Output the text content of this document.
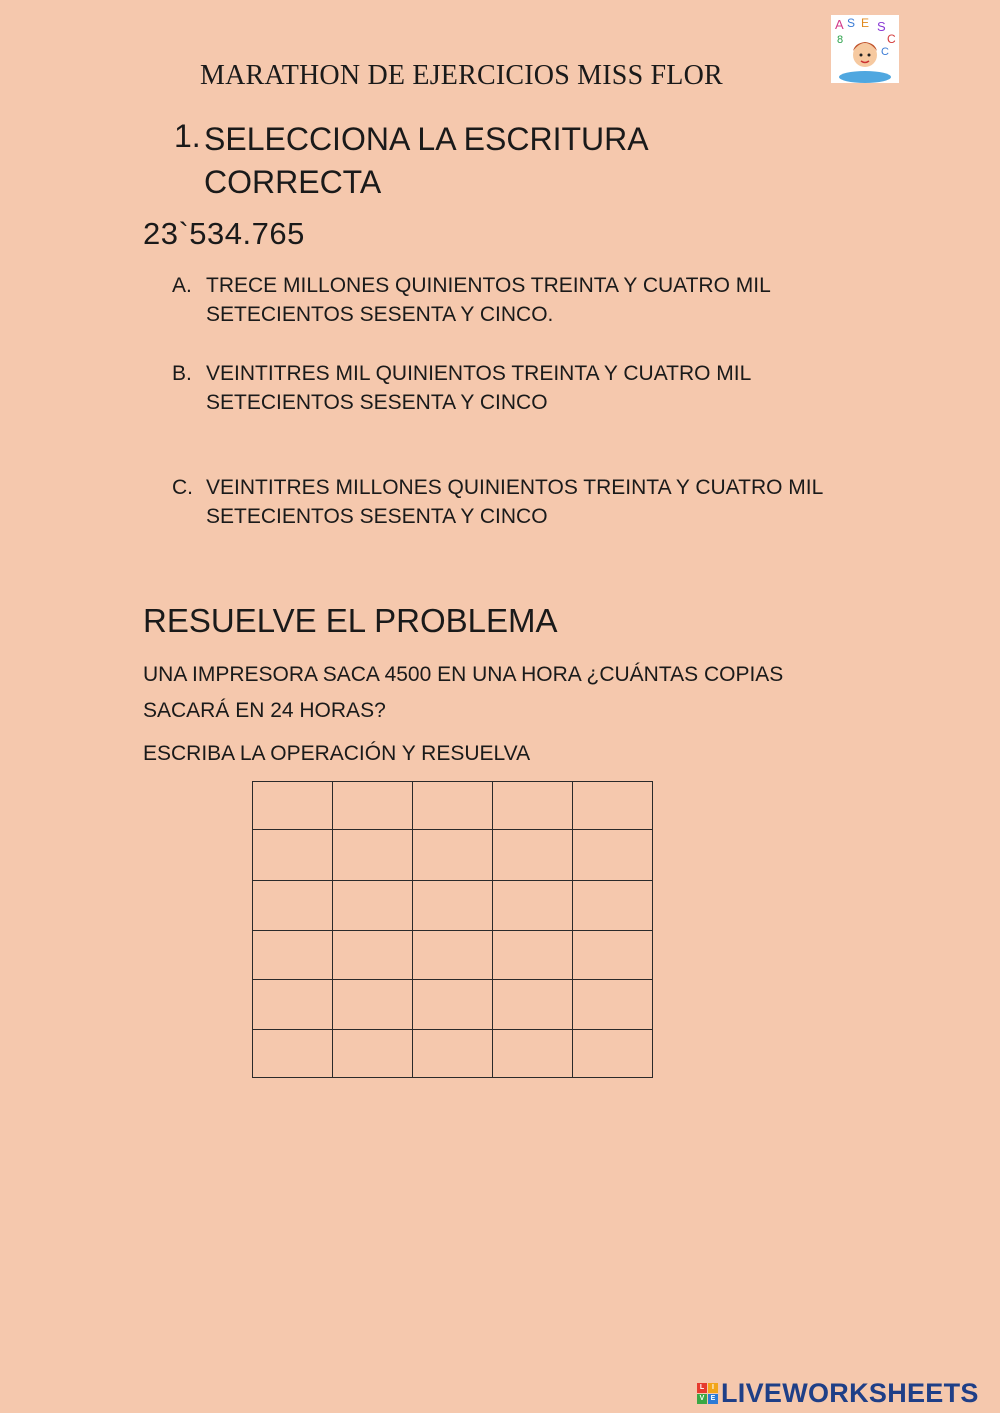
MARATHON DE EJERCICIOS MISS FLOR
A S E S
C
8
C
1. SELECCIONA LA ESCRITURA CORRECTA
23`534.765
A. TRECE MILLONES QUINIENTOS TREINTA Y CUATRO MIL SETECIENTOS SESENTA Y CINCO.
B. VEINTITRES MIL QUINIENTOS TREINTA Y CUATRO MIL SETECIENTOS SESENTA Y CINCO
C. VEINTITRES MILLONES QUINIENTOS TREINTA Y CUATRO MIL SETECIENTOS SESENTA Y CINCO
RESUELVE EL PROBLEMA
UNA IMPRESORA SACA 4500 EN UNA HORA ¿CUÁNTAS COPIAS SACARÁ EN 24 HORAS?
ESCRIBA LA OPERACIÓN Y RESUELVA

L	I
V E LIVEWORKSHEETS
